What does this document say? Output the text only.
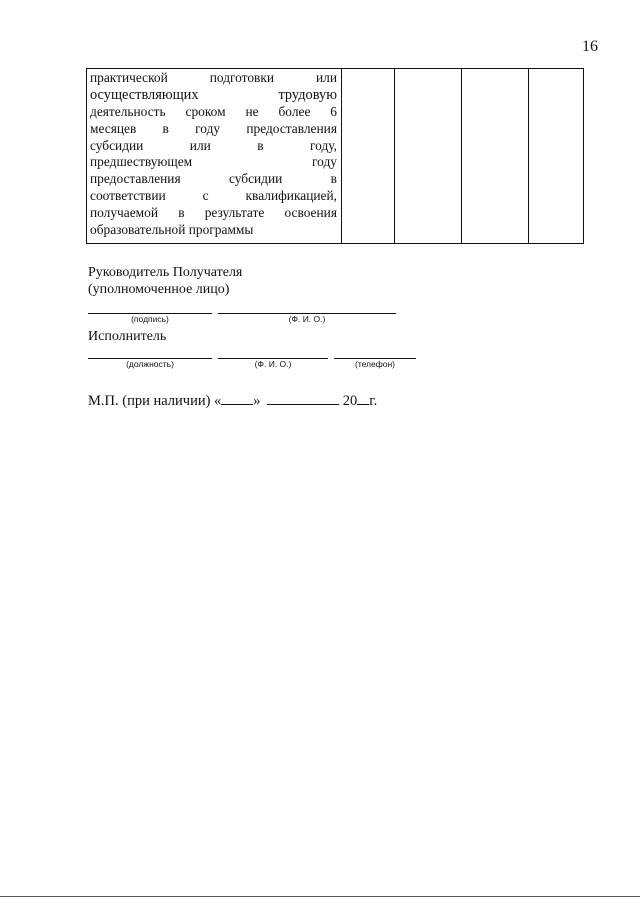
16
практической подготовки или
осуществляющих трудовую
деятельность сроком не более 6
месяцев в году предоставления
субсидии или в году,
предшествующем году
предоставления субсидии в
соответствии с квалификацией,
получаемой в результате освоения
образовательной программы

Руководитель Получателя
(уполномоченное лицо)
(подпись)	(Ф. И. О.)
Исполнитель
(должность)	(Ф. И. О.)	(телефон)
М.П. (при наличии) « »	20 г.
